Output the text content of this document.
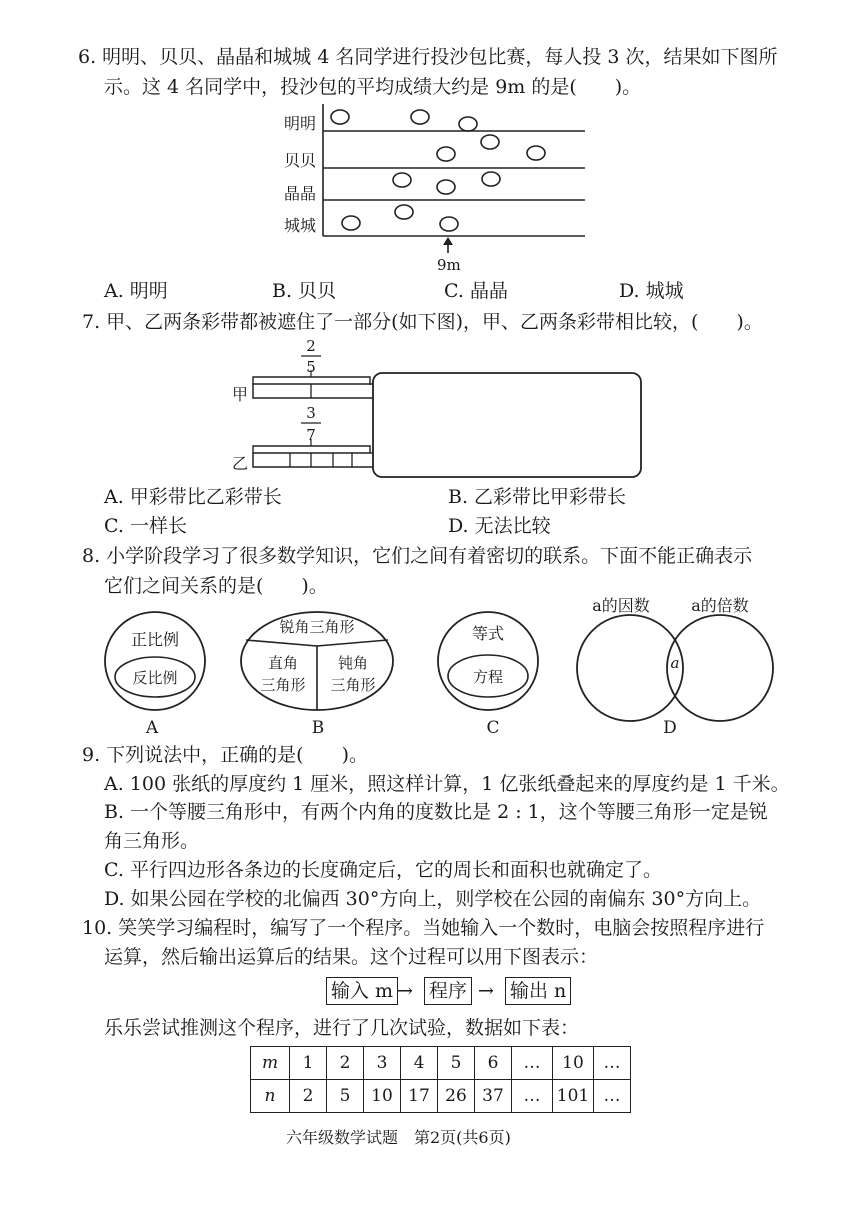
6. 明明、贝贝、晶晶和城城 4 名同学进行投沙包比赛，每人投 3 次，结果如下图所
示。这 4 名同学中，投沙包的平均成绩大约是 9m 的是(　　)。
明明
贝贝
晶晶
城城
9m
A. 明明	B. 贝贝	C. 晶晶	D. 城城
7. 甲、乙两条彩带都被遮住了一部分(如下图)，甲、乙两条彩带相比较，(　　)。
2
5
3
7
甲
乙
A. 甲彩带比乙彩带长	B. 乙彩带比甲彩带长
C. 一样长	D. 无法比较
8. 小学阶段学习了很多数学知识，它们之间有着密切的联系。下面不能正确表示
它们之间关系的是(　　)。
正比例
反比例
锐角三角形
直角
三角形
钝角
三角形
等式
方程
a的因数	a的倍数
a
A	B	C	D
9. 下列说法中，正确的是(　　)。
A. 100 张纸的厚度约 1 厘米，照这样计算，1 亿张纸叠起来的厚度约是 1 千米。
B. 一个等腰三角形中，有两个内角的度数比是 2 : 1，这个等腰三角形一定是锐
角三角形。
C. 平行四边形各条边的长度确定后，它的周长和面积也就确定了。
D. 如果公园在学校的北偏西 30°方向上，则学校在公园的南偏东 30°方向上。
10. 笑笑学习编程时，编写了一个程序。当她输入一个数时，电脑会按照程序进行
运算，然后输出运算后的结果。这个过程可以用下图表示：
输入 m → 程序 → 输出 n
乐乐尝试推测这个程序，进行了几次试验，数据如下表：
m	1	2	3	4	5	6	…	10	…
n	2	5	10	17	26	37	…	101	…
六年级数学试题　第2页(共6页)
